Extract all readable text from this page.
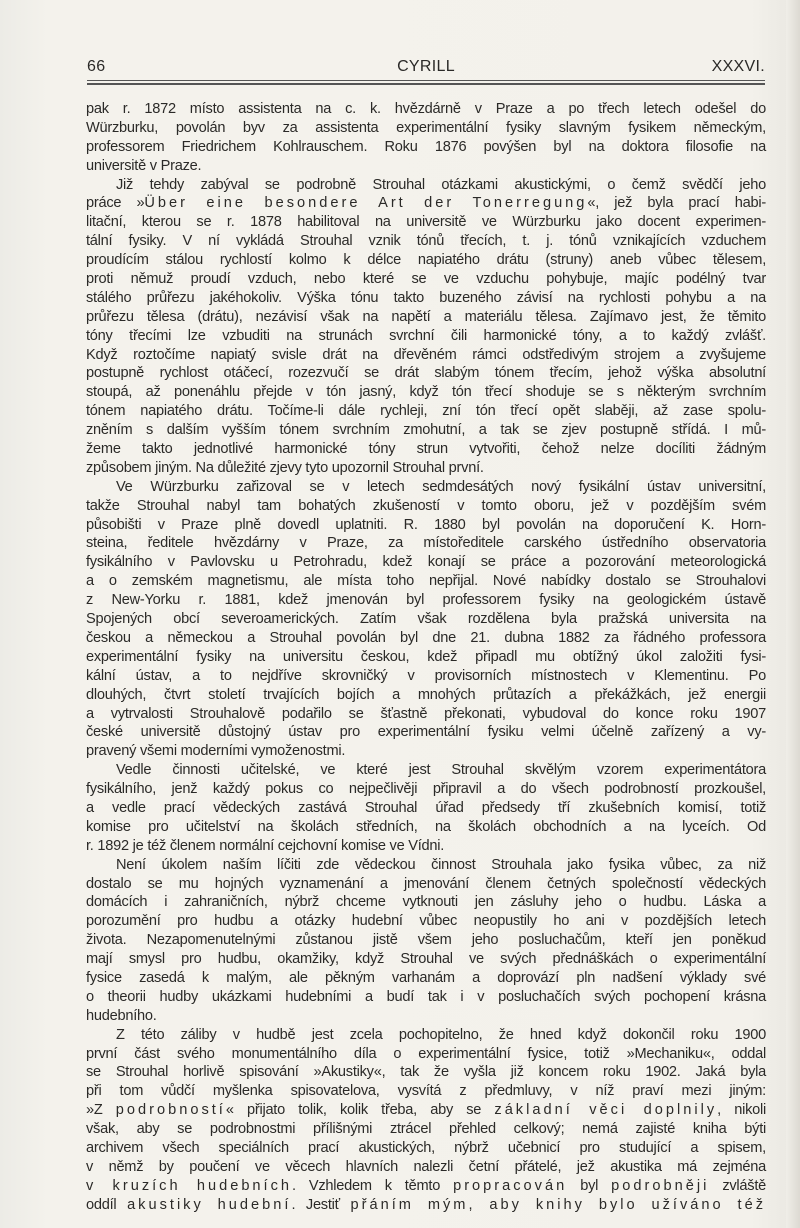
66	CYRILL	XXXVI.
pak r. 1872 místo assistenta na c. k. hvězdárně v Praze a po třech letech odešel do
Würzburku, povolán byv za assistenta experimentální fysiky slavným fysikem německým,
professorem Friedrichem Kohlrauschem. Roku 1876 povýšen byl na doktora filosofie na
universitě v Praze.
Již tehdy zabýval se podrobně Strouhal otázkami akustickými, o čemž svědčí jeho
práce »Über eine besondere Art der Tonerregung«, jež byla prací habi-
litační, kterou se r. 1878 habilitoval na universitě ve Würzburku jako docent experimen-
tální fysiky. V ní vykládá Strouhal vznik tónů třecích, t. j. tónů vznikajících vzduchem
proudícím stálou rychlostí kolmo k délce napiatého drátu (struny) aneb vůbec tělesem,
proti němuž proudí vzduch, nebo které se ve vzduchu pohybuje, majíc podélný tvar
stálého průřezu jakéhokoliv. Výška tónu takto buzeného závisí na rychlosti pohybu a na
průřezu tělesa (drátu), nezávisí však na napětí a materiálu tělesa. Zajímavo jest, že těmito
tóny třecími lze vzbuditi na strunách svrchní čili harmonické tóny, a to každý zvlášť.
Když roztočíme napiatý svisle drát na dřevěném rámci odstředivým strojem a zvyšujeme
postupně rychlost otáčecí, rozezvučí se drát slabým tónem třecím, jehož výška absolutní
stoupá, až ponenáhlu přejde v tón jasný, když tón třecí shoduje se s některým svrchním
tónem napiatého drátu. Točíme-li dále rychleji, zní tón třecí opět slaběji, až zase spolu-
zněním s dalším vyšším tónem svrchním zmohutní, a tak se zjev postupně střídá. I mů-
žeme takto jednotlivé harmonické tóny strun vytvořiti, čehož nelze docíliti žádným
způsobem jiným. Na důležité zjevy tyto upozornil Strouhal první.
Ve Würzburku zařizoval se v letech sedmdesátých nový fysikální ústav universitní,
takže Strouhal nabyl tam bohatých zkušeností v tomto oboru, jež v pozdějším svém
působišti v Praze plně dovedl uplatniti. R. 1880 byl povolán na doporučení K. Horn-
steina, ředitele hvězdárny v Praze, za místoředitele carského ústředního observatoria
fysikálního v Pavlovsku u Petrohradu, kdež konají se práce a pozorování meteorologická
a o zemském magnetismu, ale místa toho nepřijal. Nové nabídky dostalo se Strouhalovi
z New-Yorku r. 1881, kdež jmenován byl professorem fysiky na geologickém ústavě
Spojených obcí severoamerických. Zatím však rozdělena byla pražská universita na
českou a německou a Strouhal povolán byl dne 21. dubna 1882 za řádného professora
experimentální fysiky na universitu českou, kdež připadl mu obtížný úkol založiti fysi-
kální ústav, a to nejdříve skrovničký v provisorních místnostech v Klementinu. Po
dlouhých, čtvrt století trvajících bojích a mnohých průtazích a překážkách, jež energii
a vytrvalosti Strouhalově podařilo se šťastně překonati, vybudoval do konce roku 1907
české universitě důstojný ústav pro experimentální fysiku velmi účelně zařízený a vy-
pravený všemi moderními vymoženostmi.
Vedle činnosti učitelské, ve které jest Strouhal skvělým vzorem experimentátora
fysikálního, jenž každý pokus co nejpečlivěji připravil a do všech podrobností prozkoušel,
a vedle prací vědeckých zastává Strouhal úřad předsedy tří zkušebních komisí, totiž
komise pro učitelství na školách středních, na školách obchodních a na lyceích. Od
r. 1892 je též členem normální cejchovní komise ve Vídni.
Není úkolem naším líčiti zde vědeckou činnost Strouhala jako fysika vůbec, za niž
dostalo se mu hojných vyznamenání a jmenování členem četných společností vědeckých
domácích i zahraničních, nýbrž chceme vytknouti jen zásluhy jeho o hudbu. Láska a
porozumění pro hudbu a otázky hudební vůbec neopustily ho ani v pozdějších letech
života. Nezapomenutelnými zůstanou jistě všem jeho posluchačům, kteří jen poněkud
mají smysl pro hudbu, okamžiky, když Strouhal ve svých přednáškách o experimentální
fysice zasedá k malým, ale pěkným varhanám a doprovází pln nadšení výklady své
o theorii hudby ukázkami hudebními a budí tak i v posluchačích svých pochopení krásna
hudebního.
Z této záliby v hudbě jest zcela pochopitelno, že hned když dokončil roku 1900
první část svého monumentálního díla o experimentální fysice, totiž »Mechaniku«, oddal
se Strouhal horlivě spisování »Akustiky«, tak že vyšla již koncem roku 1902. Jaká byla
při tom vůdčí myšlenka spisovatelova, vysvítá z předmluvy, v níž praví mezi jiným:
»Z podrobností« přijato tolik, kolik třeba, aby se základní věci doplnily, nikoli
však, aby se podrobnostmi přílišnými ztrácel přehled celkový; nemá zajisté kniha býti
archivem všech speciálních prací akustických, nýbrž učebnicí pro studující a spisem,
v němž by poučení ve věcech hlavních nalezli četní přátelé, jež akustika má zejména
v kruzích hudebních. Vzhledem k těmto propracován byl podrobněji zvláště
oddíl akustiky hudební. Jestiť přáním mým, aby knihy bylo užíváno též
